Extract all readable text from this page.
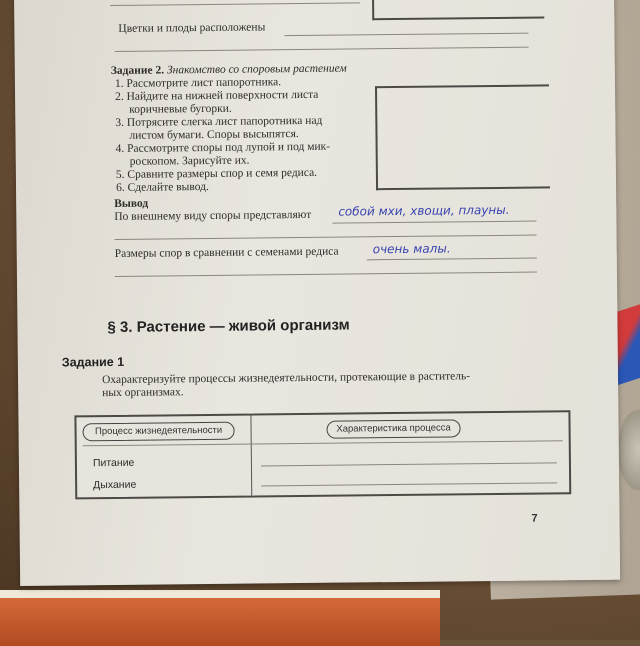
Цветки и плоды расположены
Задание 2. Знакомство со споровым растением
1. Рассмотрите лист папоротника.
2. Найдите на нижней поверхности листа
коричневые бугорки.
3. Потрясите слегка лист папоротника над
листом бумаги. Споры высыпятся.
4. Рассмотрите споры под лупой и под мик-
роскопом. Зарисуйте их.
5. Сравните размеры спор и семя редиса.
6. Сделайте вывод.
Вывод
По внешнему виду споры представляют собой мхи, хвощи, плауны.
Размеры спор в сравнении с семенами редиса	очень малы.
§ 3. Растение — живой организм
Задание 1
Охарактеризуйте процессы жизнедеятельности, протекающие в раститель-
ных организмах.
Процесс жизнедеятельности	Характеристика процесса
Питание
Дыхание
7
